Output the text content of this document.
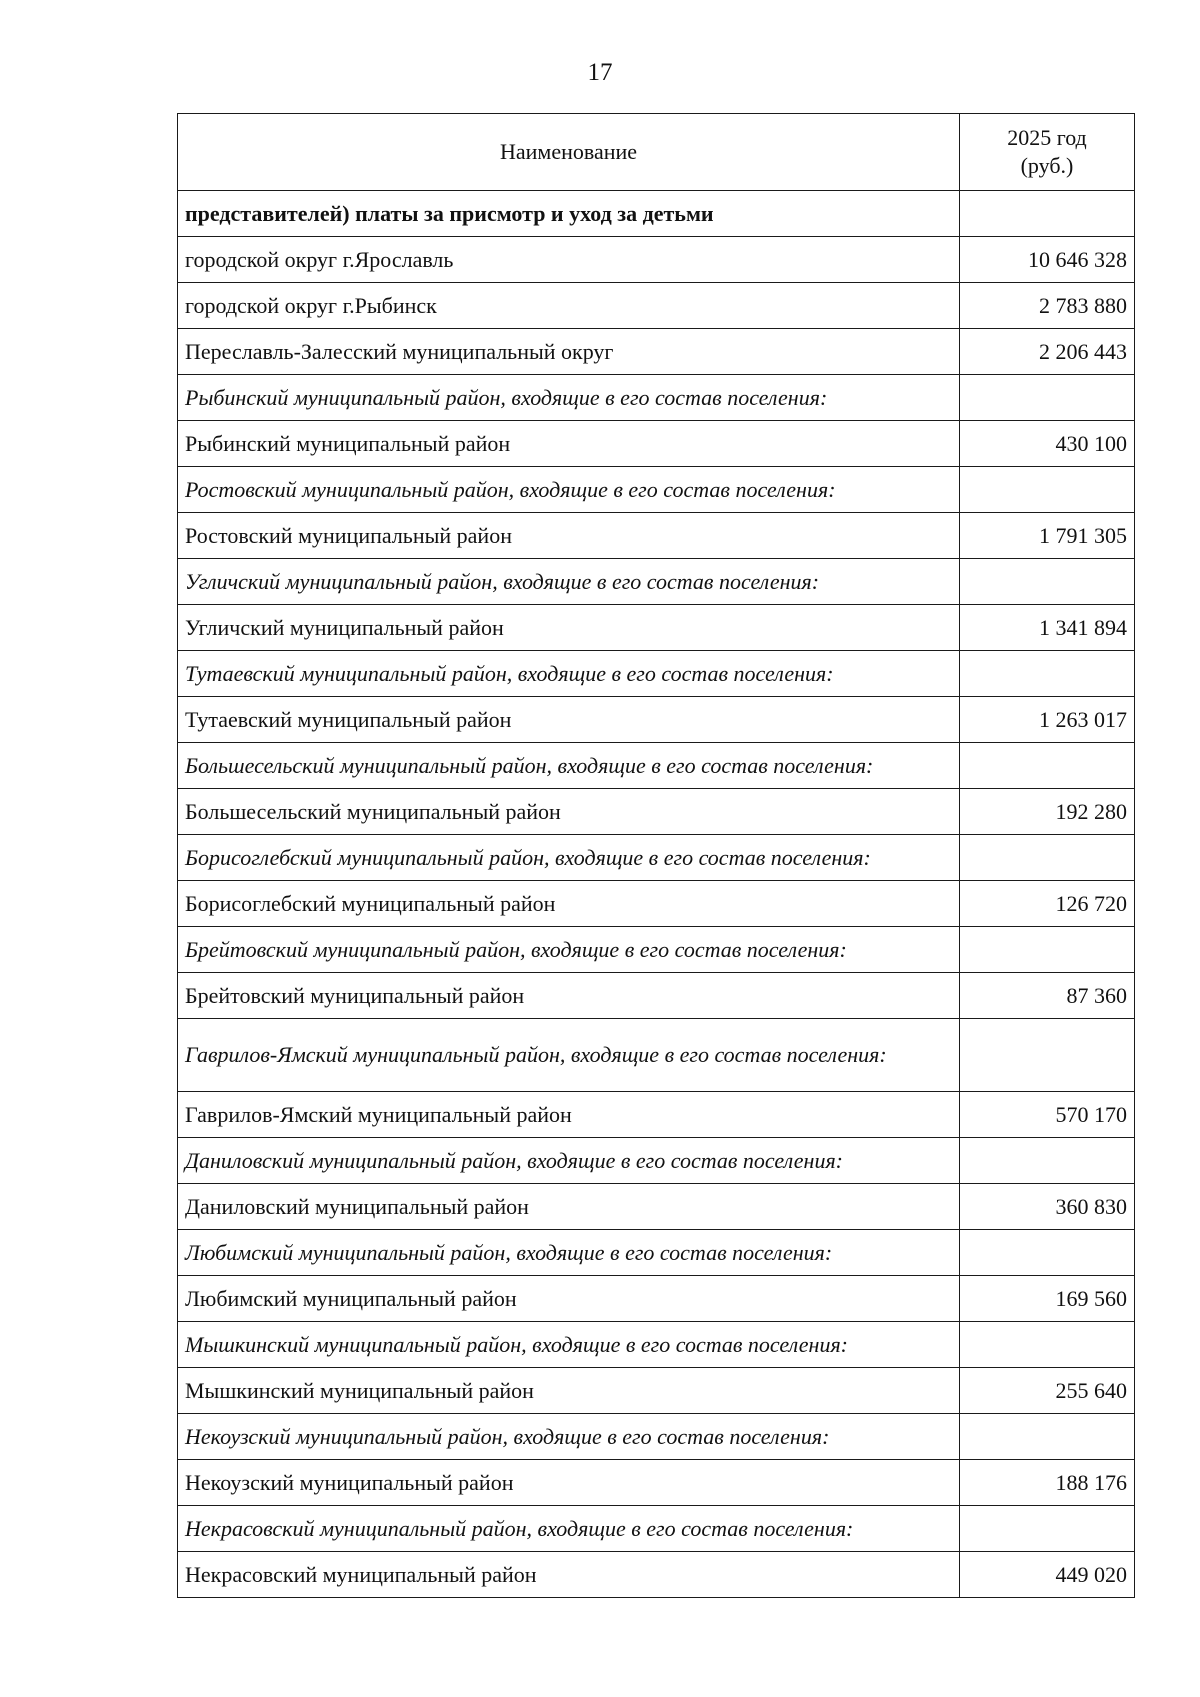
17
Наименование	2025 год
(руб.)
представителей) платы за присмотр и уход за детьми	
городской округ г.Ярославль	10 646 328
городской округ г.Рыбинск	2 783 880
Переславль-Залесский муниципальный округ	2 206 443
Рыбинский муниципальный район, входящие в его состав поселения:	
Рыбинский муниципальный район	430 100
Ростовский муниципальный район, входящие в его состав поселения:	
Ростовский муниципальный район	1 791 305
Угличский муниципальный район, входящие в его состав поселения:	
Угличский муниципальный район	1 341 894
Тутаевский муниципальный район, входящие в его состав поселения:	
Тутаевский муниципальный район	1 263 017
Большесельский муниципальный район, входящие в его состав поселения:	
Большесельский муниципальный район	192 280
Борисоглебский муниципальный район, входящие в его состав поселения:	
Борисоглебский муниципальный район	126 720
Брейтовский муниципальный район, входящие в его состав поселения:	
Брейтовский муниципальный район	87 360
Гаврилов-Ямский муниципальный район, входящие в его состав поселения:	
Гаврилов-Ямский муниципальный район	570 170
Даниловский муниципальный район, входящие в его состав поселения:	
Даниловский муниципальный район	360 830
Любимский муниципальный район, входящие в его состав поселения:	
Любимский муниципальный район	169 560
Мышкинский муниципальный район, входящие в его состав поселения:	
Мышкинский муниципальный район	255 640
Некоузский муниципальный район, входящие в его состав поселения:	
Некоузский муниципальный район	188 176
Некрасовский муниципальный район, входящие в его состав поселения:	
Некрасовский муниципальный район	449 020
